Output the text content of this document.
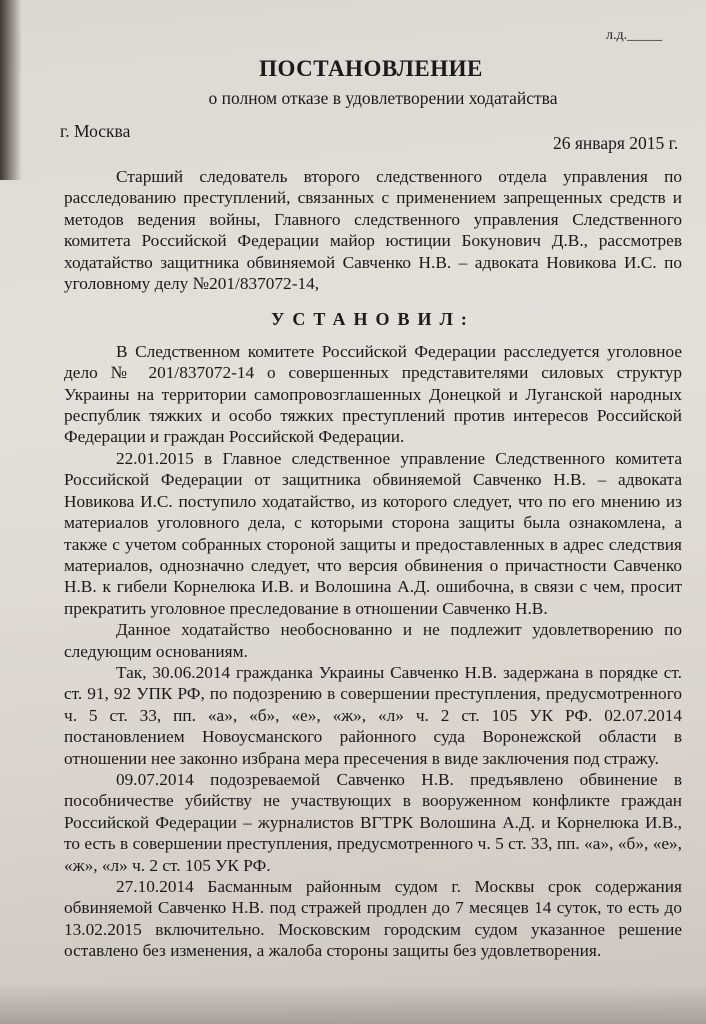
л.д._____
ПОСТАНОВЛЕНИЕ
о полном отказе в удовлетворении ходатайства
г. Москва
26 января 2015 г.

Старший следователь второго следственного отдела управления по расследованию преступлений, связанных с применением запрещенных средств и методов ведения войны, Главного следственного управления Следственного комитета Российской Федерации майор юстиции Бокунович Д.В., рассмотрев ходатайство защитника обвиняемой Савченко Н.В. – адвоката Новикова И.С. по уголовному делу №201/837072-14,

УСТАНОВИЛ:

В Следственном комитете Российской Федерации расследуется уголовное дело № 201/837072-14 о совершенных представителями силовых структур Украины на территории самопровозглашенных Донецкой и Луганской народных республик тяжких и особо тяжких преступлений против интересов Российской Федерации и граждан Российской Федерации.

22.01.2015 в Главное следственное управление Следственного комитета Российской Федерации от защитника обвиняемой Савченко Н.В. – адвоката Новикова И.С. поступило ходатайство, из которого следует, что по его мнению из материалов уголовного дела, с которыми сторона защиты была ознакомлена, а также с учетом собранных стороной защиты и предоставленных в адрес следствия материалов, однозначно следует, что версия обвинения о причастности Савченко Н.В. к гибели Корнелюка И.В. и Волошина А.Д. ошибочна, в связи с чем, просит прекратить уголовное преследование в отношении Савченко Н.В.

Данное ходатайство необоснованно и не подлежит удовлетворению по следующим основаниям.

Так, 30.06.2014 гражданка Украины Савченко Н.В. задержана в порядке ст. ст. 91, 92 УПК РФ, по подозрению в совершении преступления, предусмотренного ч. 5 ст. 33, пп. «а», «б», «е», «ж», «л» ч. 2 ст. 105 УК РФ. 02.07.2014 постановлением Новоусманского районного суда Воронежской области в отношении нее законно избрана мера пресечения в виде заключения под стражу.

09.07.2014 подозреваемой Савченко Н.В. предъявлено обвинение в пособничестве убийству не участвующих в вооруженном конфликте граждан Российской Федерации – журналистов ВГТРК Волошина А.Д. и Корнелюка И.В., то есть в совершении преступления, предусмотренного ч. 5 ст. 33, пп. «а», «б», «е», «ж», «л» ч. 2 ст. 105 УК РФ.

27.10.2014 Басманным районным судом г. Москвы срок содержания обвиняемой Савченко Н.В. под стражей продлен до 7 месяцев 14 суток, то есть до 13.02.2015 включительно. Московским городским судом указанное решение оставлено без изменения, а жалоба стороны защиты без удовлетворения.
